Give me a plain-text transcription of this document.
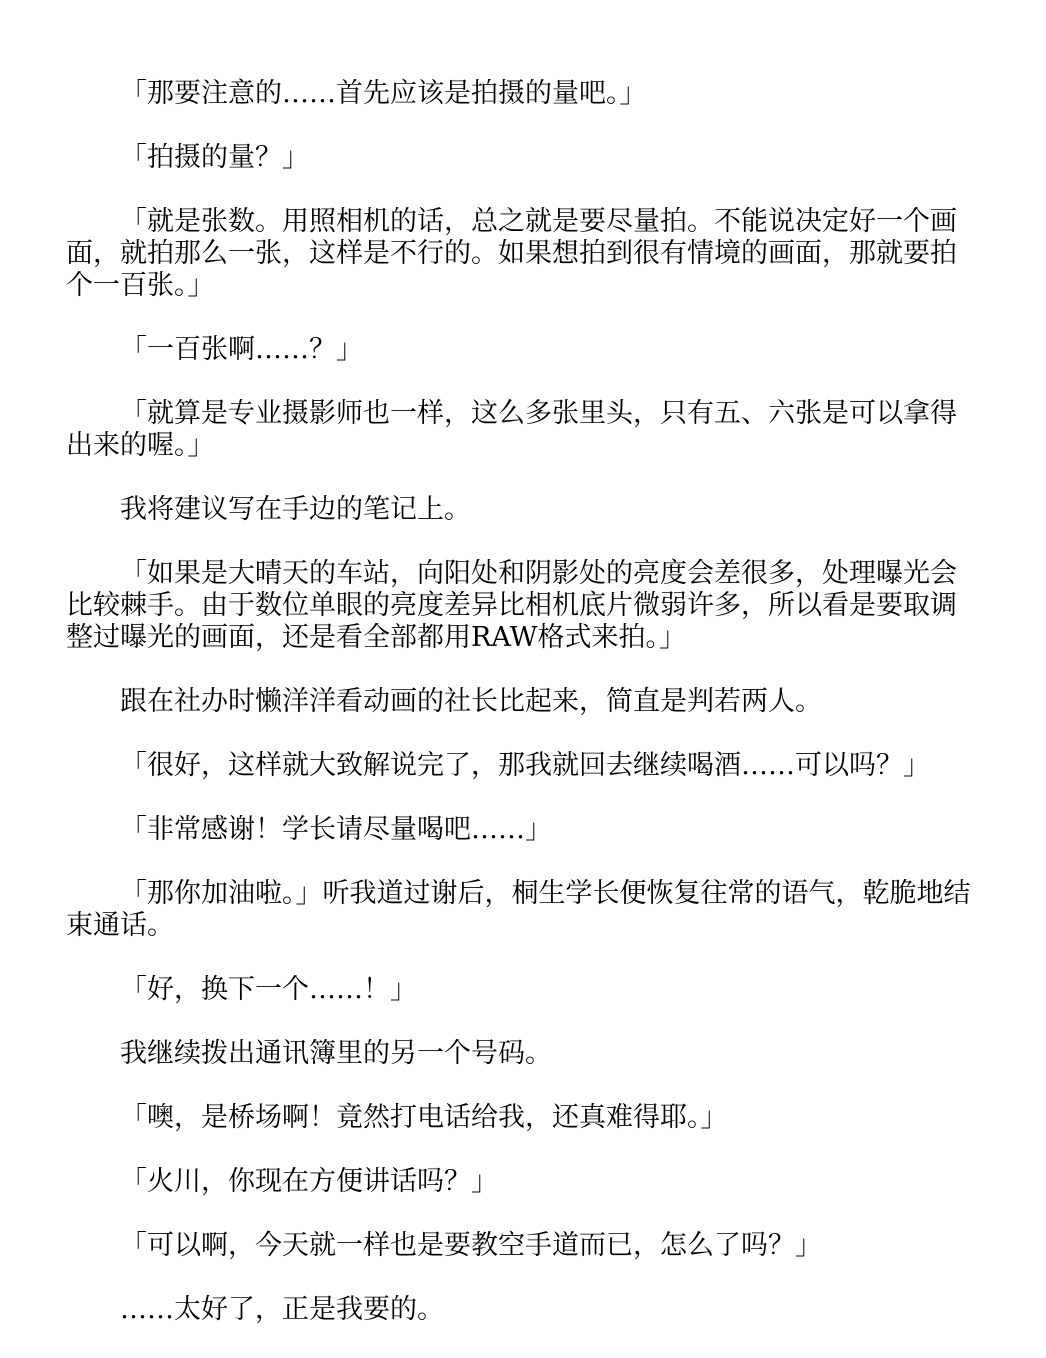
「那要注意的……首先应该是拍摄的量吧。」

「拍摄的量？」

「就是张数。用照相机的话，总之就是要尽量拍。不能说决定好一个画面，就拍那么一张，这样是不行的。如果想拍到很有情境的画面，那就要拍个一百张。」

「一百张啊……？」

「就算是专业摄影师也一样，这么多张里头，只有五、六张是可以拿得出来的喔。」

我将建议写在手边的笔记上。

「如果是大晴天的车站，向阳处和阴影处的亮度会差很多，处理曝光会比较棘手。由于数位单眼的亮度差异比相机底片微弱许多，所以看是要取调整过曝光的画面，还是看全部都用RAW格式来拍。」

跟在社办时懒洋洋看动画的社长比起来，简直是判若两人。

「很好，这样就大致解说完了，那我就回去继续喝酒……可以吗？」

「非常感谢！学长请尽量喝吧……」

「那你加油啦。」听我道过谢后，桐生学长便恢复往常的语气，乾脆地结束通话。

「好，换下一个……！」

我继续拨出通讯簿里的另一个号码。

「噢，是桥场啊！竟然打电话给我，还真难得耶。」

「火川，你现在方便讲话吗？」

「可以啊，今天就一样也是要教空手道而已，怎么了吗？」

……太好了，正是我要的。
